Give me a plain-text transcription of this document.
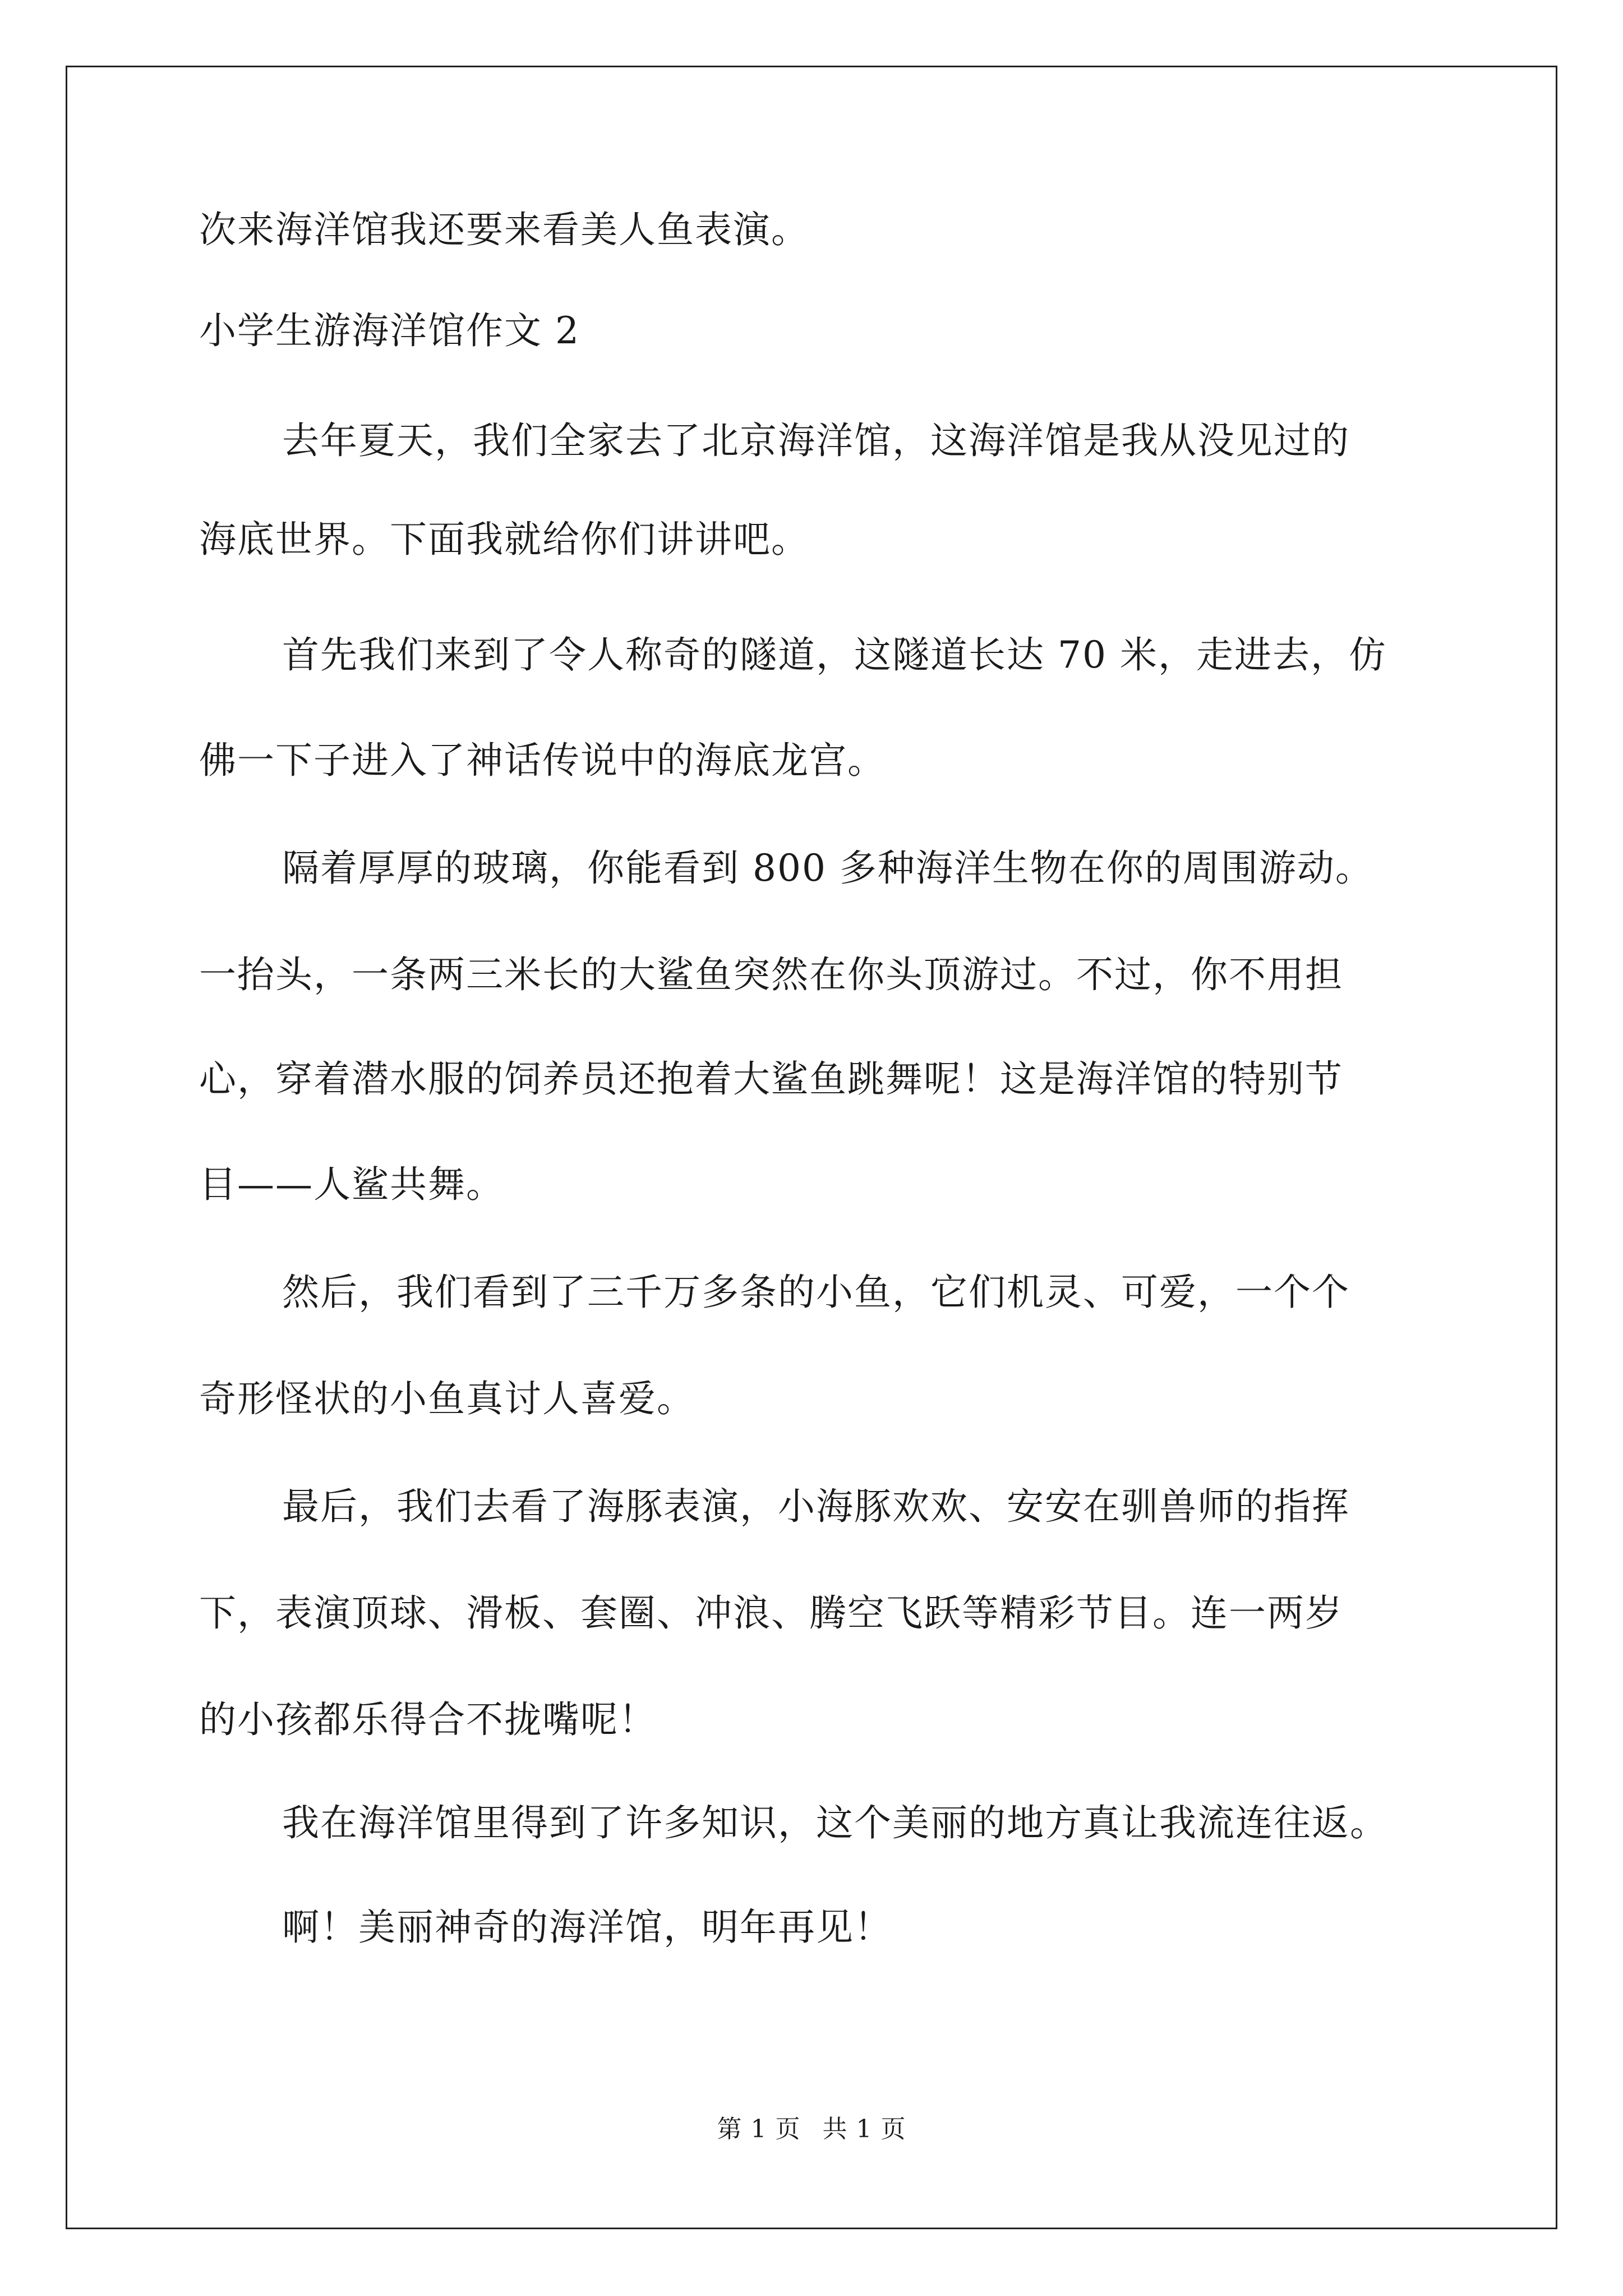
次来海洋馆我还要来看美人鱼表演。
小学生游海洋馆作文 2
去年夏天，我们全家去了北京海洋馆，这海洋馆是我从没见过的
海底世界。下面我就给你们讲讲吧。
首先我们来到了令人称奇的隧道，这隧道长达 70 米，走进去，仿
佛一下子进入了神话传说中的海底龙宫。
隔着厚厚的玻璃，你能看到 800 多种海洋生物在你的周围游动。
一抬头，一条两三米长的大鲨鱼突然在你头顶游过。不过，你不用担
心，穿着潜水服的饲养员还抱着大鲨鱼跳舞呢！这是海洋馆的特别节
目——人鲨共舞。
然后，我们看到了三千万多条的小鱼，它们机灵、可爱，一个个
奇形怪状的小鱼真讨人喜爱。
最后，我们去看了海豚表演，小海豚欢欢、安安在驯兽师的指挥
下，表演顶球、滑板、套圈、冲浪、腾空飞跃等精彩节目。连一两岁
的小孩都乐得合不拢嘴呢！
我在海洋馆里得到了许多知识，这个美丽的地方真让我流连往返。
啊！美丽神奇的海洋馆，明年再见！
第 1 页 共 1 页
